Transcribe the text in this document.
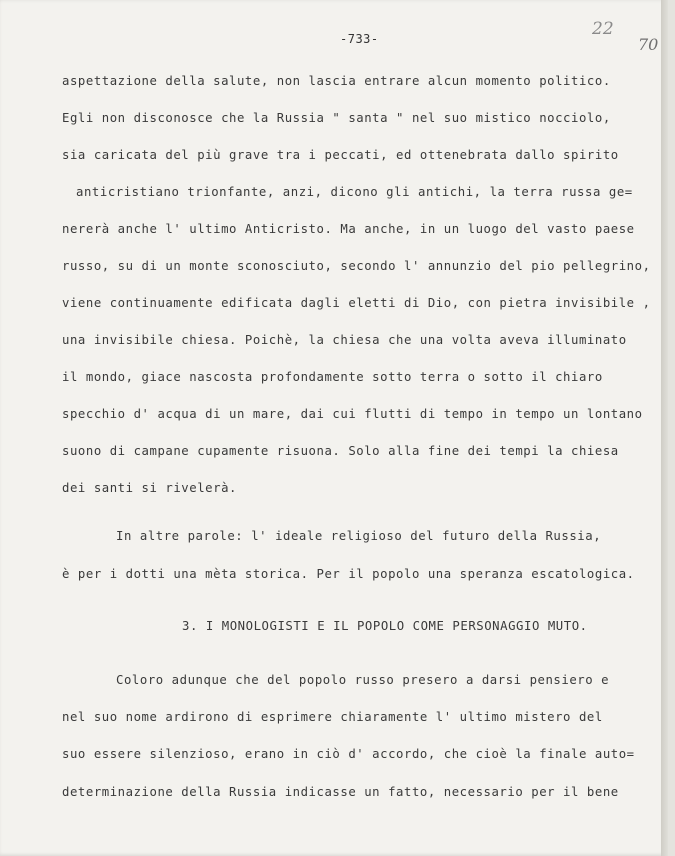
-733-	22
70
aspettazione della salute, non lascia entrare alcun momento politico.
Egli non disconosce che la Russia " santa " nel suo mistico nocciolo,
sia caricata del più grave tra i peccati, ed ottenebrata dallo spirito
anticristiano trionfante, anzi, dicono gli antichi, la terra russa ge=
nererà anche l' ultimo Anticristo. Ma anche, in un luogo del vasto paese
russo, su di un monte sconosciuto, secondo l' annunzio del pio pellegrino,
viene continuamente edificata dagli eletti di Dio, con pietra invisibile ,
una invisibile chiesa. Poichè, la chiesa che una volta aveva illuminato
il mondo, giace nascosta profondamente sotto terra o sotto il chiaro
specchio d' acqua di un mare, dai cui flutti di tempo in tempo un lontano
suono di campane cupamente risuona. Solo alla fine dei tempi la chiesa
dei santi si rivelerà.
In altre parole: l' ideale religioso del futuro della Russia,
è per i dotti una mèta storica. Per il popolo una speranza escatologica.
3. I MONOLOGISTI E IL POPOLO COME PERSONAGGIO MUTO.
Coloro adunque che del popolo russo presero a darsi pensiero e
nel suo nome ardirono di esprimere chiaramente l' ultimo mistero del
suo essere silenzioso, erano in ciò d' accordo, che cioè la finale auto=
determinazione della Russia indicasse un fatto, necessario per il bene
